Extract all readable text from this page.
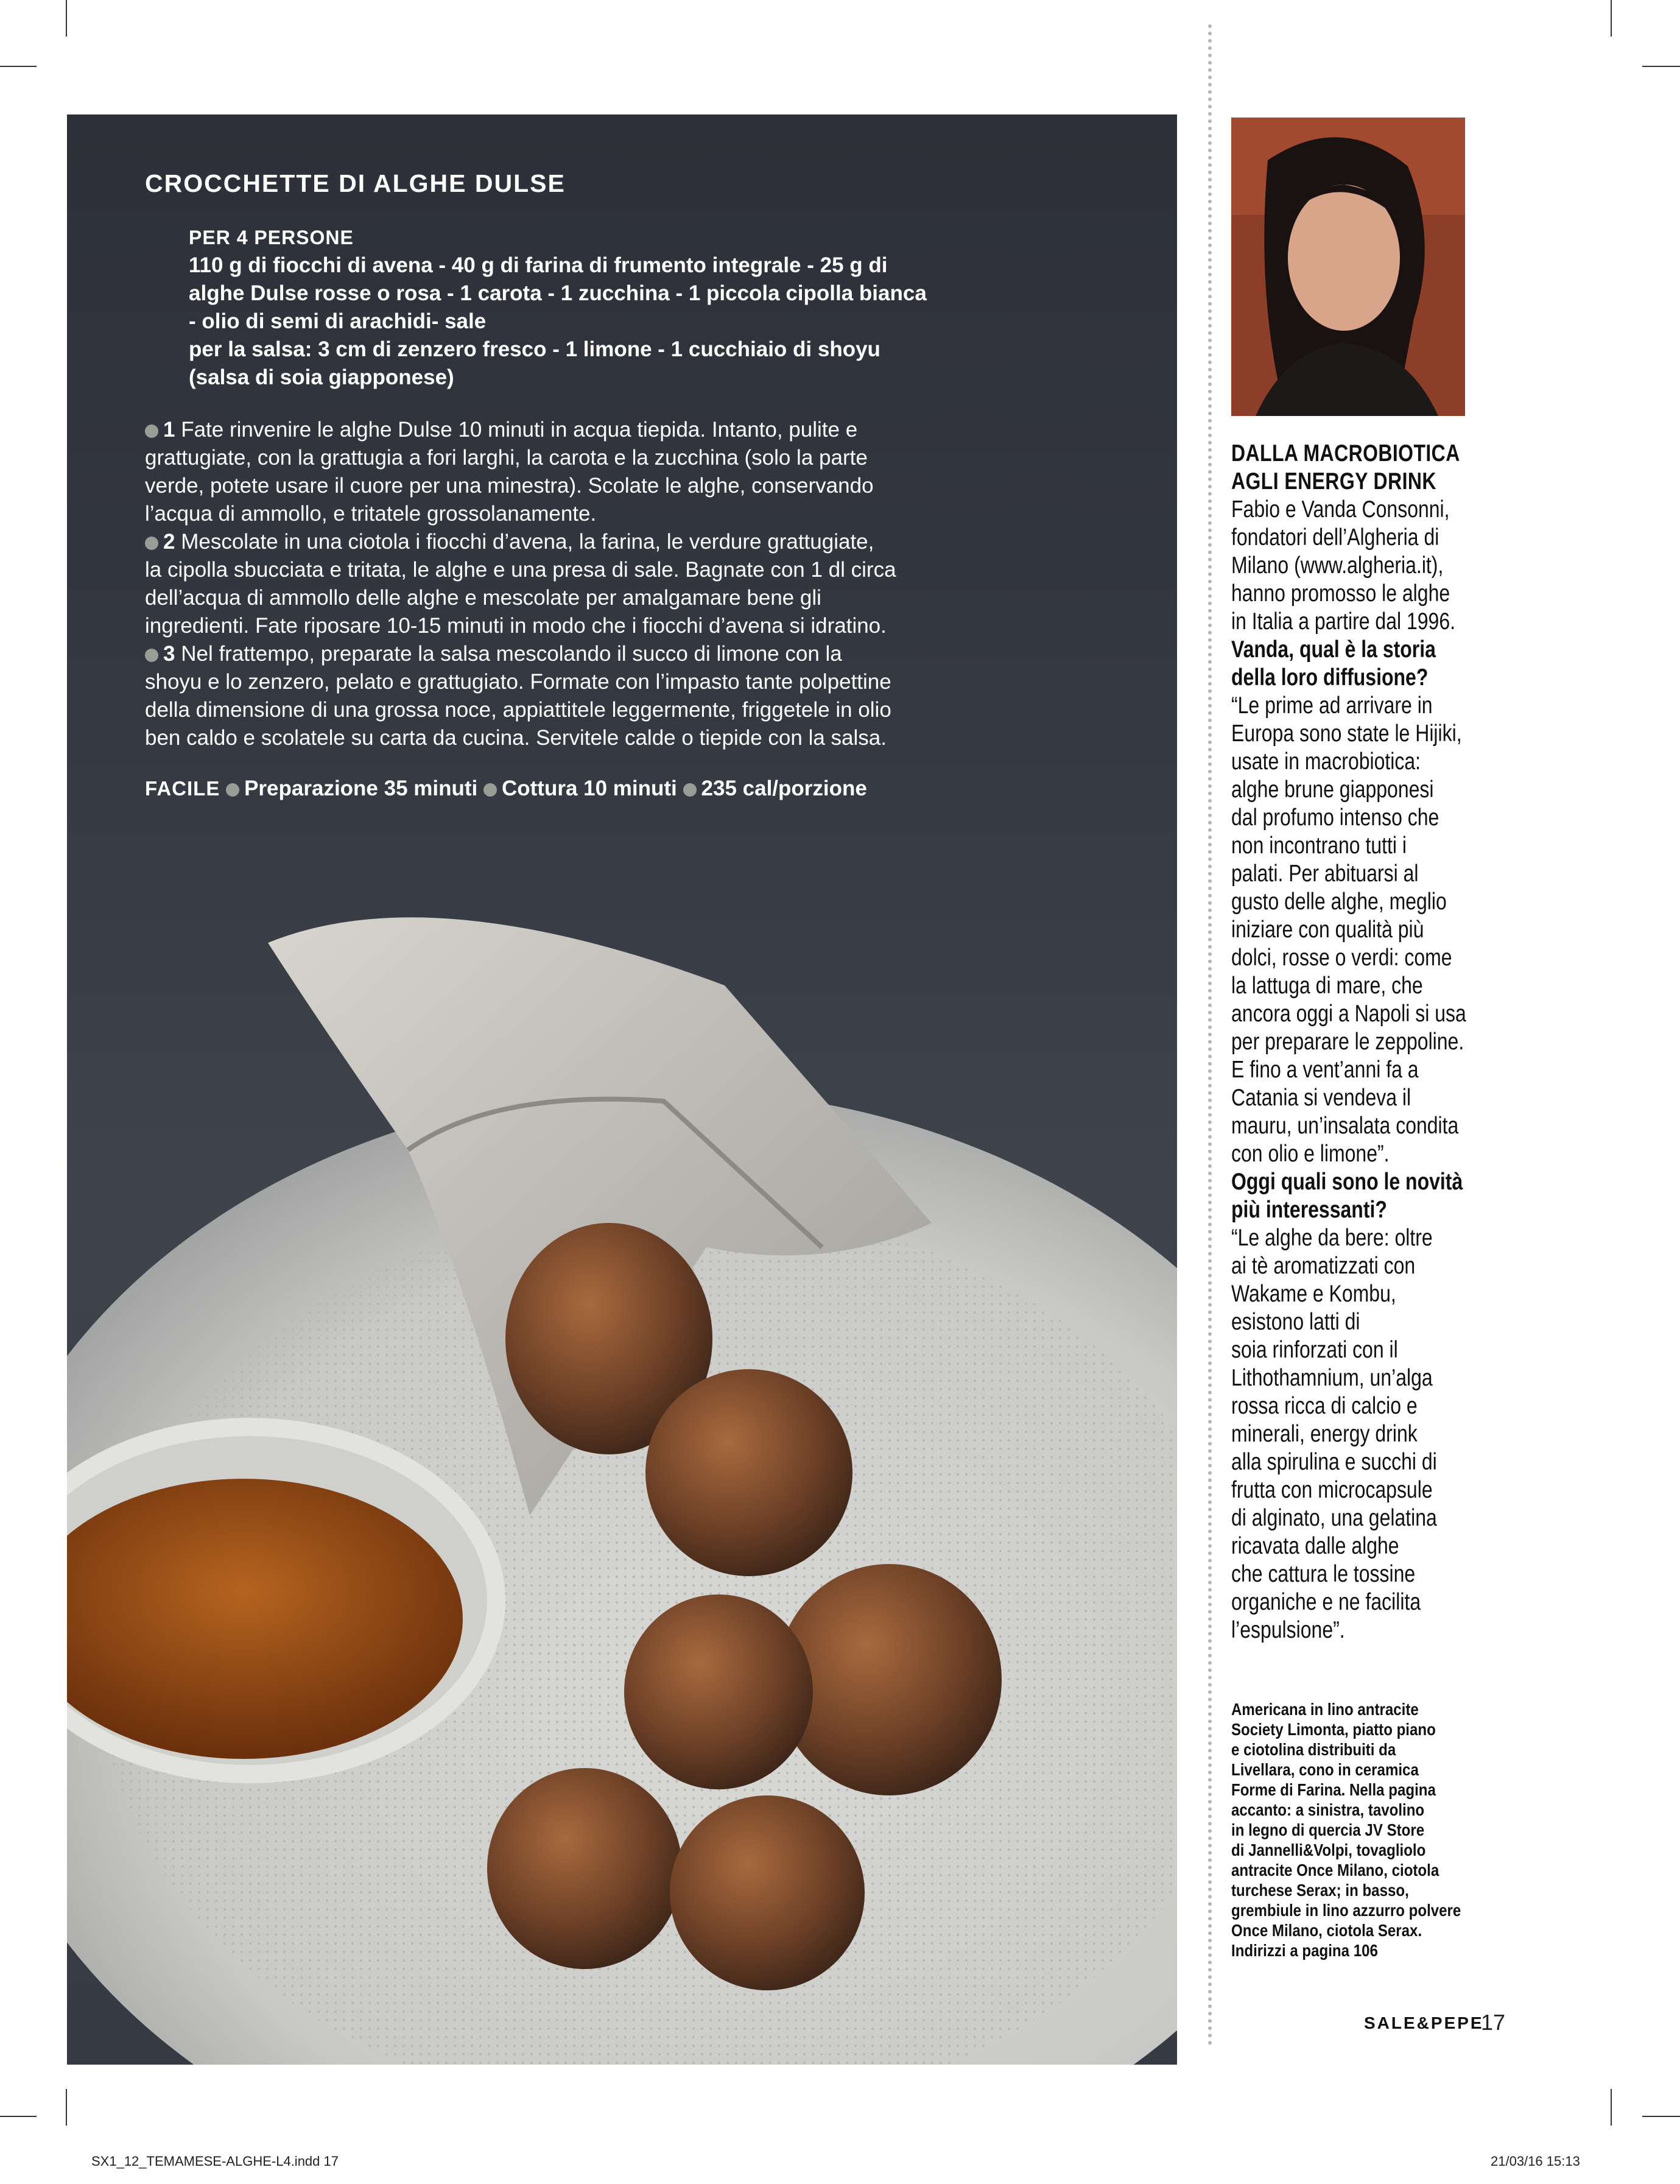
CROCCHETTE DI ALGHE DULSE
PER 4 PERSONE
110 g di fiocchi di avena - 40 g di farina di frumento integrale - 25 g di
alghe Dulse rosse o rosa - 1 carota - 1 zucchina - 1 piccola cipolla bianca
- olio di semi di arachidi- sale
per la salsa: 3 cm di zenzero fresco - 1 limone - 1 cucchiaio di shoyu
(salsa di soia giapponese)

1 Fate rinvenire le alghe Dulse 10 minuti in acqua tiepida. Intanto, pulite e

grattugiate, con la grattugia a fori larghi, la carota e la zucchina (solo la parte

verde, potete usare il cuore per una minestra). Scolate le alghe, conservando

l’acqua di ammollo, e tritatele grossolanamente.

2 Mescolate in una ciotola i fiocchi d’avena, la farina, le verdure grattugiate,

la cipolla sbucciata e tritata, le alghe e una presa di sale. Bagnate con 1 dl circa

dell’acqua di ammollo delle alghe e mescolate per amalgamare bene gli

ingredienti. Fate riposare 10-15 minuti in modo che i fiocchi d’avena si idratino.

3 Nel frattempo, preparate la salsa mescolando il succo di limone con la

shoyu e lo zenzero, pelato e grattugiato. Formate con l’impasto tante polpettine

della dimensione di una grossa noce, appiattitele leggermente, friggetele in olio

ben caldo e scolatele su carta da cucina. Servitele calde o tiepide con la salsa.

FACILE Preparazione 35 minuti Cottura 10 minuti 235 cal/porzione
DALLA MACROBIOTICA
AGLI ENERGY DRINK
Fabio e Vanda Consonni,
fondatori dell’Algheria di
Milano (www.algheria.it),
hanno promosso le alghe
in Italia a partire dal 1996.
Vanda, qual è la storia
della loro diffusione?
“Le prime ad arrivare in
Europa sono state le Hijiki,
usate in macrobiotica:
alghe brune giapponesi
dal profumo intenso che
non incontrano tutti i
palati. Per abituarsi al
gusto delle alghe, meglio
iniziare con qualità più
dolci, rosse o verdi: come
la lattuga di mare, che
ancora oggi a Napoli si usa
per preparare le zeppoline.
E fino a vent’anni fa a
Catania si vendeva il
mauru, un’insalata condita
con olio e limone”.
Oggi quali sono le novità
più interessanti?
“Le alghe da bere: oltre
ai tè aromatizzati con
Wakame e Kombu,
esistono latti di
soia rinforzati con il
Lithothamnium, un’alga
rossa ricca di calcio e
minerali, energy drink
alla spirulina e succhi di
frutta con microcapsule
di alginato, una gelatina
ricavata dalle alghe
che cattura le tossine
organiche e ne facilita
l’espulsione”.
Americana in lino antracite
Society Limonta, piatto piano
e ciotolina distribuiti da
Livellara, cono in ceramica
Forme di Farina. Nella pagina
accanto: a sinistra, tavolino
in legno di quercia JV Store
di Jannelli&Volpi, tovagliolo
antracite Once Milano, ciotola
turchese Serax; in basso,
grembiule in lino azzurro polvere
Once Milano, ciotola Serax.
Indirizzi a pagina 106
SALE&PEPE
17
SX1_12_TEMAMESE-ALGHE-L4.indd 17	21/03/16 15:13
